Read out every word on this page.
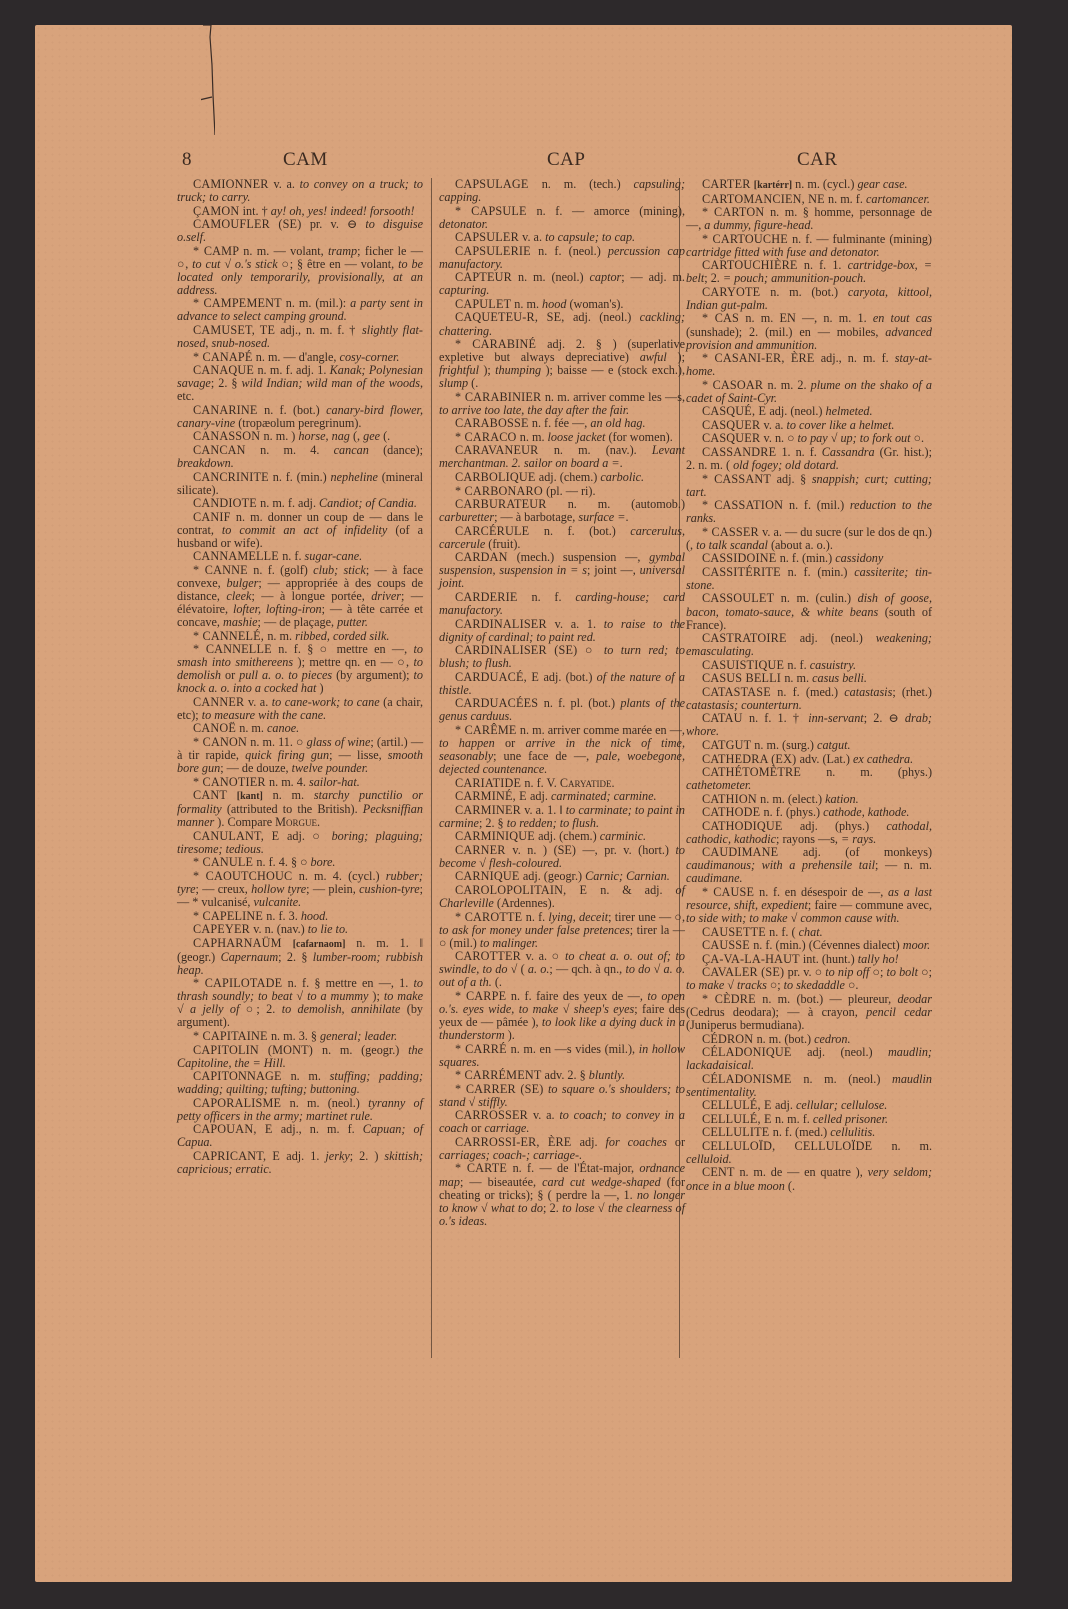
8	CAM	CAP	CAR
CAMIONNER v. a. to convey on a truck; to truck; to carry.
ÇAMON int. † ay! oh, yes! indeed! forsooth!
CAMOUFLER (SE) pr. v. ⊖ to disguise o.self.
* CAMP n. m. — volant, tramp; ficher le — ○, to cut √ o.'s stick ○; § être en — volant, to be located only temporarily, provisionally, at an address.
* CAMPEMENT n. m. (mil.): a party sent in advance to select camping ground.
CAMUSET, TE adj., n. m. f. † slightly flat-nosed, snub-nosed.
* CANAPÉ n. m. — d'angle, cosy-corner.
CANAQUE n. m. f. adj. 1. Kanak; Polynesian savage; 2. § wild Indian; wild man of the woods, etc.
CANARINE n. f. (bot.) canary-bird flower, canary-vine (tropæolum peregrinum).
CANASSON n. m. ) horse, nag (, gee (.
CANCAN n. m. 4. cancan (dance); breakdown.
CANCRINITE n. f. (min.) nepheline (mineral silicate).
CANDIOTE n. m. f. adj. Candiot; of Candia.
CANIF n. m. donner un coup de — dans le contrat, to commit an act of infidelity (of a husband or wife).
CANNAMELLE n. f. sugar-cane.
* CANNE n. f. (golf) club; stick; — à face convexe, bulger; — appropriée à des coups de distance, cleek; — à longue portée, driver; — élévatoire, lofter, lofting-iron; — à tête carrée et concave, mashie; — de plaçage, putter.
* CANNELÉ, n. m. ribbed, corded silk.
* CANNELLE n. f. § ○ mettre en —, to smash into smithereens ); mettre qn. en — ○, to demolish or pull a. o. to pieces (by argument); to knock a. o. into a cocked hat )
CANNER v. a. to cane-work; to cane (a chair, etc); to measure with the cane.
CANOË n. m. canoe.
* CANON n. m. 11. ○ glass of wine; (artil.) — à tir rapide, quick firing gun; — lisse, smooth bore gun; — de douze, twelve pounder.
* CANOTIER n. m. 4. sailor-hat.
CANT [kant] n. m. starchy punctilio or formality (attributed to the British). Pecksniffian manner ). Compare Morgue.
CANULANT, E adj. ○ boring; plaguing; tiresome; tedious.
* CANULE n. f. 4. § ○ bore.
* CAOUTCHOUC n. m. 4. (cycl.) rubber; tyre; — creux, hollow tyre; — plein, cushion-tyre; — * vulcanisé, vulcanite.
* CAPELINE n. f. 3. hood.
CAPEYER v. n. (nav.) to lie to.
CAPHARNAÜM [cafarnaom] n. m. 1. ‖ (geogr.) Capernaum; 2. § lumber-room; rubbish heap.
* CAPILOTADE n. f. § mettre en —, 1. to thrash soundly; to beat √ to a mummy ); to make √ a jelly of ○; 2. to demolish, annihilate (by argument).
* CAPITAINE n. m. 3. § general; leader.
CAPITOLIN (MONT) n. m. (geogr.) the Capitoline, the = Hill.
CAPITONNAGE n. m. stuffing; padding; wadding; quilting; tufting; buttoning.
CAPORALISME n. m. (neol.) tyranny of petty officers in the army; martinet rule.
CAPOUAN, E adj., n. m. f. Capuan; of Capua.
CAPRICANT, E adj. 1. jerky; 2. ) skittish; capricious; erratic.
CAPSULAGE n. m. (tech.) capsuling; capping.
* CAPSULE n. f. — amorce (mining), detonator.
CAPSULER v. a. to capsule; to cap.
CAPSULERIE n. f. (neol.) percussion cap manufactory.
CAPTEUR n. m. (neol.) captor; — adj. m. capturing.
CAPULET n. m. hood (woman's).
CAQUETEU-R, SE, adj. (neol.) cackling; chattering.
* CARABINÉ adj. 2. § ) (superlative expletive but always depreciative) awful ); frightful ); thumping ); baisse — e (stock exch.), slump (.
* CARABINIER n. m. arriver comme les —s, to arrive too late, the day after the fair.
CARABOSSE n. f. fée —, an old hag.
* CARACO n. m. loose jacket (for women).
CARAVANEUR n. m. (nav.). Levant merchantman. 2. sailor on board a =.
CARBOLIQUE adj. (chem.) carbolic.
* CARBONARO (pl. — ri).
CARBURATEUR n. m. (automob.) carburetter; — à barbotage, surface =.
CARCÉRULE n. f. (bot.) carcerulus, carcerule (fruit).
CARDAN (mech.) suspension —, gymbal suspension, suspension in = s; joint —, universal joint.
CARDERIE n. f. carding-house; card manufactory.
CARDINALISER v. a. 1. to raise to the dignity of cardinal; to paint red.
CARDINALISER (SE) ○ to turn red; to blush; to flush.
CARDUACÉ, E adj. (bot.) of the nature of a thistle.
CARDUACÉES n. f. pl. (bot.) plants of the genus carduus.
* CARÊME n. m. arriver comme marée en —, to happen or arrive in the nick of time, seasonably; une face de —, pale, woebegone, dejected countenance.
CARIATIDE n. f. V. Caryatide.
CARMINÉ, E adj. carminated; carmine.
CARMINER v. a. 1. ‖ to carminate; to paint in carmine; 2. § to redden; to flush.
CARMINIQUE adj. (chem.) carminic.
CARNER v. n. ) (SE) —, pr. v. (hort.) to become √ flesh-coloured.
CARNIQUE adj. (geogr.) Carnic; Carnian.
CAROLOPOLITAIN, E n. & adj. of Charleville (Ardennes).
* CAROTTE n. f. lying, deceit; tirer une — ○, to ask for money under false pretences; tirer la — ○ (mil.) to malinger.
CAROTTER v. a. ○ to cheat a. o. out of; to swindle, to do √ ( a. o.; — qch. à qn., to do √ a. o. out of a th. (.
* CARPE n. f. faire des yeux de —, to open o.'s. eyes wide, to make √ sheep's eyes; faire des yeux de — pâmée ), to look like a dying duck in a thunderstorm ).
* CARRÉ n. m. en —s vides (mil.), in hollow squares.
* CARRÉMENT adv. 2. § bluntly.
* CARRER (SE) to square o.'s shoulders; to stand √ stiffly.
CARROSSER v. a. to coach; to convey in a coach or carriage.
CARROSSI-ER, ÈRE adj. for coaches or carriages; coach-; carriage-.
* CARTE n. f. — de l'État-major, ordnance map; — biseautée, card cut wedge-shaped (for cheating or tricks); § ( perdre la —, 1. no longer to know √ what to do; 2. to lose √ the clearness of o.'s ideas.
CARTER [kartérr] n. m. (cycl.) gear case.
CARTOMANCIEN, NE n. m. f. cartomancer.
* CARTON n. m. § homme, personnage de —, a dummy, figure-head.
* CARTOUCHE n. f. — fulminante (mining) cartridge fitted with fuse and detonator.
CARTOUCHIÈRE n. f. 1. cartridge-box, = belt; 2. = pouch; ammunition-pouch.
CARYOTE n. m. (bot.) caryota, kittool, Indian gut-palm.
* CAS n. m. EN —, n. m. 1. en tout cas (sunshade); 2. (mil.) en — mobiles, advanced provision and ammunition.
* CASANI-ER, ÈRE adj., n. m. f. stay-at-home.
* CASOAR n. m. 2. plume on the shako of a cadet of Saint-Cyr.
CASQUÉ, E adj. (neol.) helmeted.
CASQUER v. a. to cover like a helmet.
CASQUER v. n. ○ to pay √ up; to fork out ○.
CASSANDRE 1. n. f. Cassandra (Gr. hist.); 2. n. m. ( old fogey; old dotard.
* CASSANT adj. § snappish; curt; cutting; tart.
* CASSATION n. f. (mil.) reduction to the ranks.
* CASSER v. a. — du sucre (sur le dos de qn.) (, to talk scandal (about a. o.).
CASSIDOINE n. f. (min.) cassidony
CASSITÉRITE n. f. (min.) cassiterite; tin-stone.
CASSOULET n. m. (culin.) dish of goose, bacon, tomato-sauce, & white beans (south of France).
CASTRATOIRE adj. (neol.) weakening; emasculating.
CASUISTIQUE n. f. casuistry.
CASUS BELLI n. m. casus belli.
CATASTASE n. f. (med.) catastasis; (rhet.) catastasis; counterturn.
CATAU n. f. 1. † inn-servant; 2. ⊖ drab; whore.
CATGUT n. m. (surg.) catgut.
CATHEDRA (EX) adv. (Lat.) ex cathedra.
CATHÉTOMÈTRE n. m. (phys.) cathetometer.
CATHION n. m. (elect.) kation.
CATHODE n. f. (phys.) cathode, kathode.
CATHODIQUE adj. (phys.) cathodal, cathodic, kathodic; rayons —s, = rays.
CAUDIMANE adj. (of monkeys) caudimanous; with a prehensile tail; — n. m. caudimane.
* CAUSE n. f. en désespoir de —, as a last resource, shift, expedient; faire — commune avec, to side with; to make √ common cause with.
CAUSETTE n. f. ( chat.
CAUSSE n. f. (min.) (Cévennes dialect) moor.
ÇA-VA-LA-HAUT int. (hunt.) tally ho!
CAVALER (SE) pr. v. ○ to nip off ○; to bolt ○; to make √ tracks ○; to skedaddle ○.
* CÈDRE n. m. (bot.) — pleureur, deodar (Cedrus deodara); — à crayon, pencil cedar (Juniperus bermudiana).
CÉDRON n. m. (bot.) cedron.
CÉLADONIQUE adj. (neol.) maudlin; lackadaisical.
CÉLADONISME n. m. (neol.) maudlin sentimentality.
CELLULÉ, E adj. cellular; cellulose.
CELLULÉ, E n. m. f. celled prisoner.
CELLULITE n. f. (med.) cellulitis.
CELLULOÏD, CELLULOÏDE n. m. celluloid.
CENT n. m. de — en quatre ), very seldom; once in a blue moon (.
